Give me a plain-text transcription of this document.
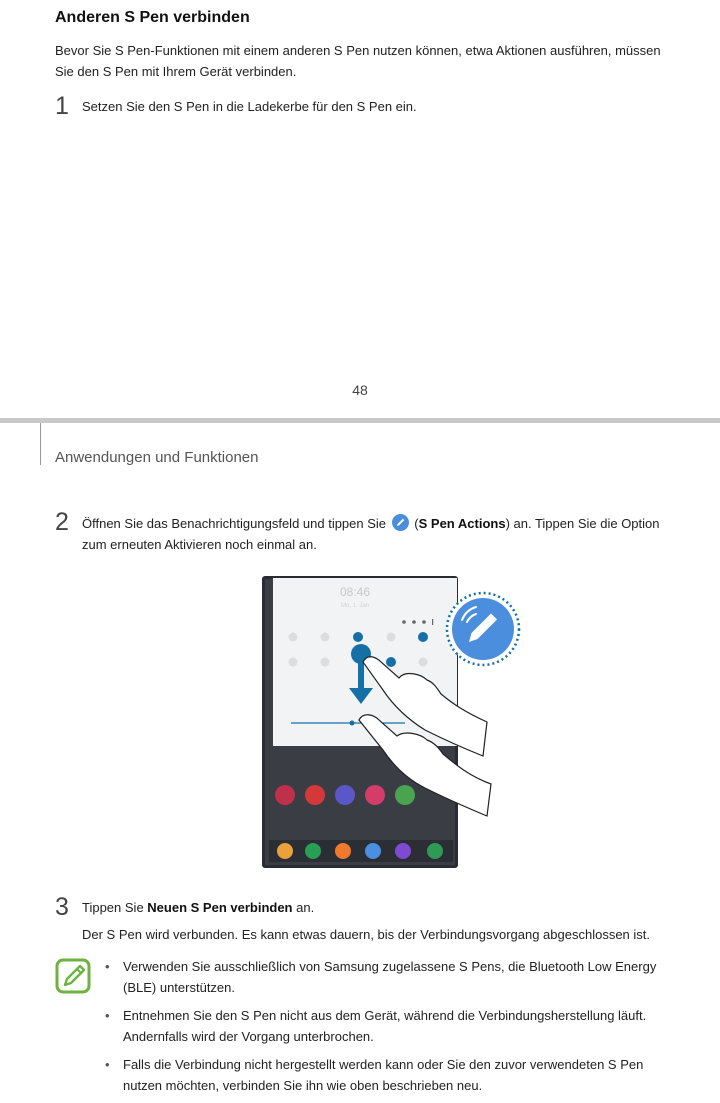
Anderen S Pen verbinden
Bevor Sie S Pen-Funktionen mit einem anderen S Pen nutzen können, etwa Aktionen ausführen, müssen Sie den S Pen mit Ihrem Gerät verbinden.
1 Setzen Sie den S Pen in die Ladekerbe für den S Pen ein.
48
Anwendungen und Funktionen
2 Öffnen Sie das Benachrichtigungsfeld und tippen Sie (S Pen Actions) an. Tippen Sie die Option zum erneuten Aktivieren noch einmal an.
08:46
Mo, 1. Jan
3 Tippen Sie Neuen S Pen verbinden an.
Der S Pen wird verbunden. Es kann etwas dauern, bis der Verbindungsvorgang abgeschlossen ist.
• Verwenden Sie ausschließlich von Samsung zugelassene S Pens, die Bluetooth Low Energy (BLE) unterstützen.
• Entnehmen Sie den S Pen nicht aus dem Gerät, während die Verbindungsherstellung läuft. Andernfalls wird der Vorgang unterbrochen.
• Falls die Verbindung nicht hergestellt werden kann oder Sie den zuvor verwendeten S Pen nutzen möchten, verbinden Sie ihn wie oben beschrieben neu.
